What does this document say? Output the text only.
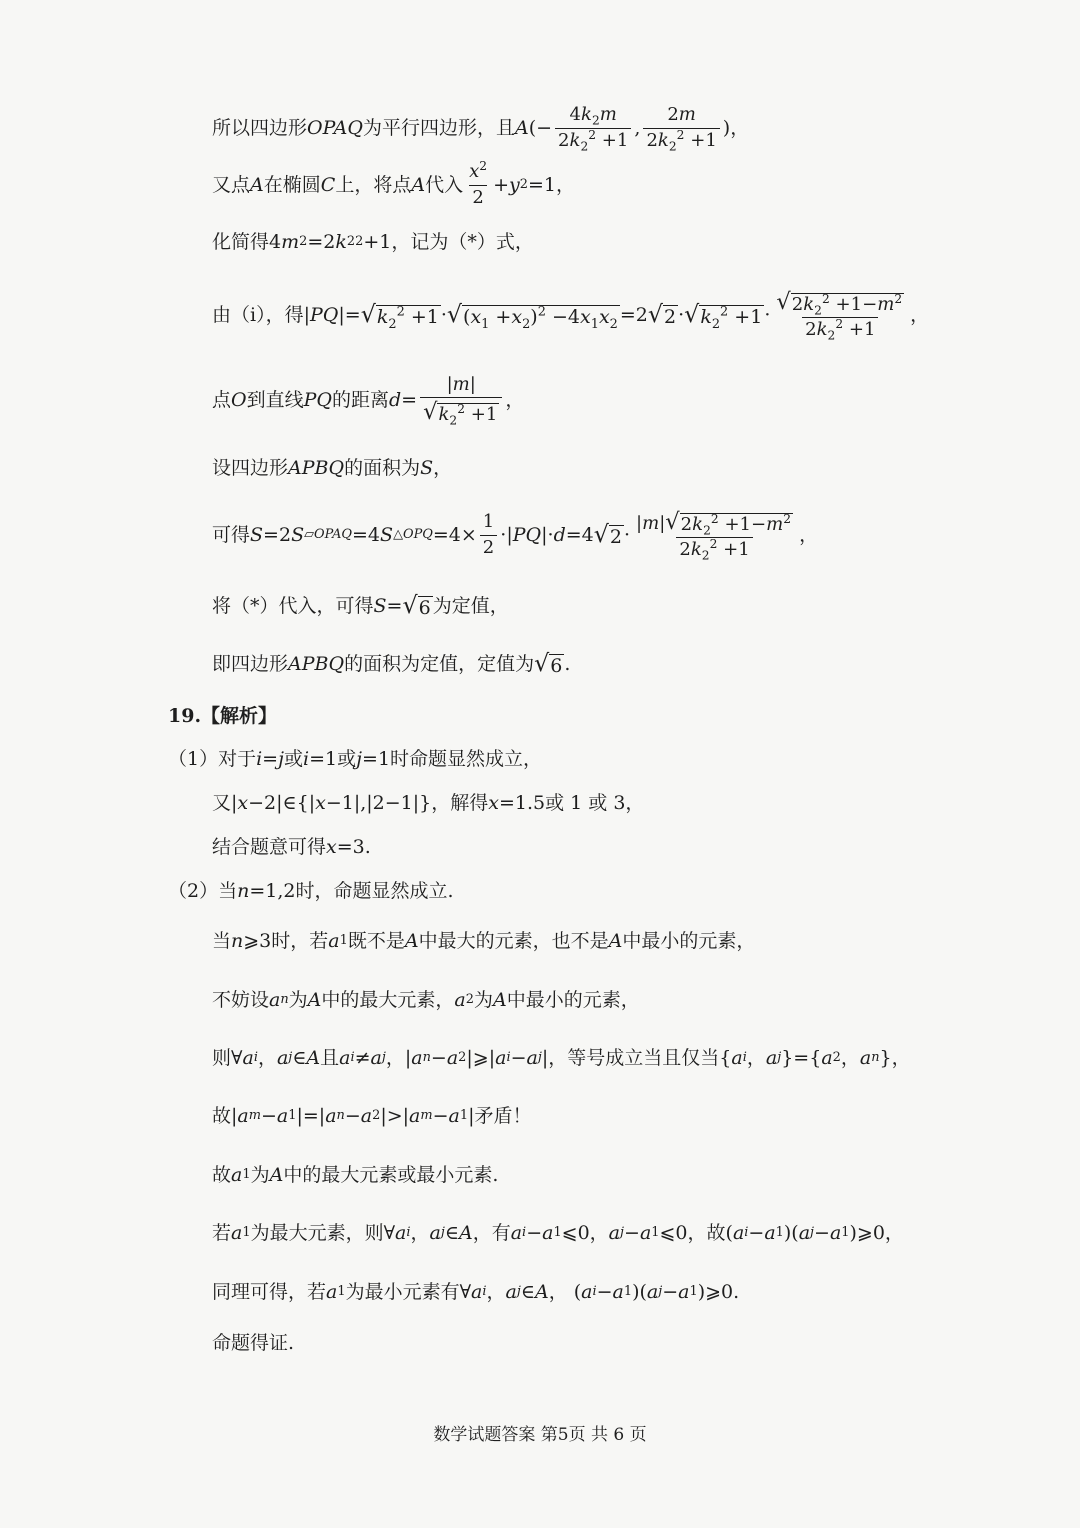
所以四边形 OPAQ 为平行四边形，且 A (− $\frac{4k_2m}{2k_2^2 +1}$ , $\frac{2m}{2k_2^2 +1}$ )，
又点 A 在椭圆 C 上，将点 A 代入 $\frac{x^2}{2} + y$ 2 =1，
化简得 4 m 2 =2 k 2 2 +1 ，记为（*）式，
由（i），得 | PQ |= √ $k_2^2 +1$ · √ $(x_1 +x_2)^2 -4x_1x_2 =2$ √ 2 · √ $k_2^2 +1 \cdot \frac{√ 2k_2^2 +1-m^2}{2k_2^2 +1}$ ，
点 O 到直线 PQ 的距离 $d = \frac{|m|}{√ k_2^2 +1}$ ，
设四边形 APBQ 的面积为 S ，
可得 S =2 S ▱OPAQ =4 S △OPQ $=4\times \frac{1}{2}$ ·| PQ |· d =4 √ $2 \cdot \frac{|m| √ 2k_2^2 +1-m^2}{2k_2^2 +1}$ ，
将（*）代入，可得 S = √ 6 为定值，
即四边形 APBQ 的面积为定值，定值为 √ 6 .
19.【解析】
（1）对于 i = j 或 i =1 或 j =1 时命题显然成立，
又 | x −2|∈{| x −1|,|2−1|} ，解得 x =1.5 或 1 或 3，
结合题意可得 x =3.
（2）当 n =1,2 时，命题显然成立.
当 n ⩾3 时，若 a 1 既不是 A 中最大的元素，也不是 A 中最小的元素，
不妨设 a n 为 A 中的最大元素， a 2 为 A 中最小的元素，
则 ∀ a i ， a j ∈ A 且 a i ≠ a j ，| a n − a 2 |⩾| a i − a j | ，等号成立当且仅当 { a i ， a j }={ a 2 ， a n }，
故 | a m − a 1 |=| a n − a 2 |>| a m − a 1 | 矛盾！
故 a 1 为 A 中的最大元素或最小元素.
若 a 1 为最大元素，则 ∀ a i ， a j ∈ A ， 有 a i − a 1 ⩽0， a j − a 1 ⩽0 ，故 ( a i − a 1 )( a j − a 1 )⩾0，
同理可得，若 a 1 为最小元素有 ∀ a i ， a j ∈ A ， ( a i − a 1 )( a j − a 1 )⩾0.
命题得证.
数学试题答案 第5页 共 6 页
